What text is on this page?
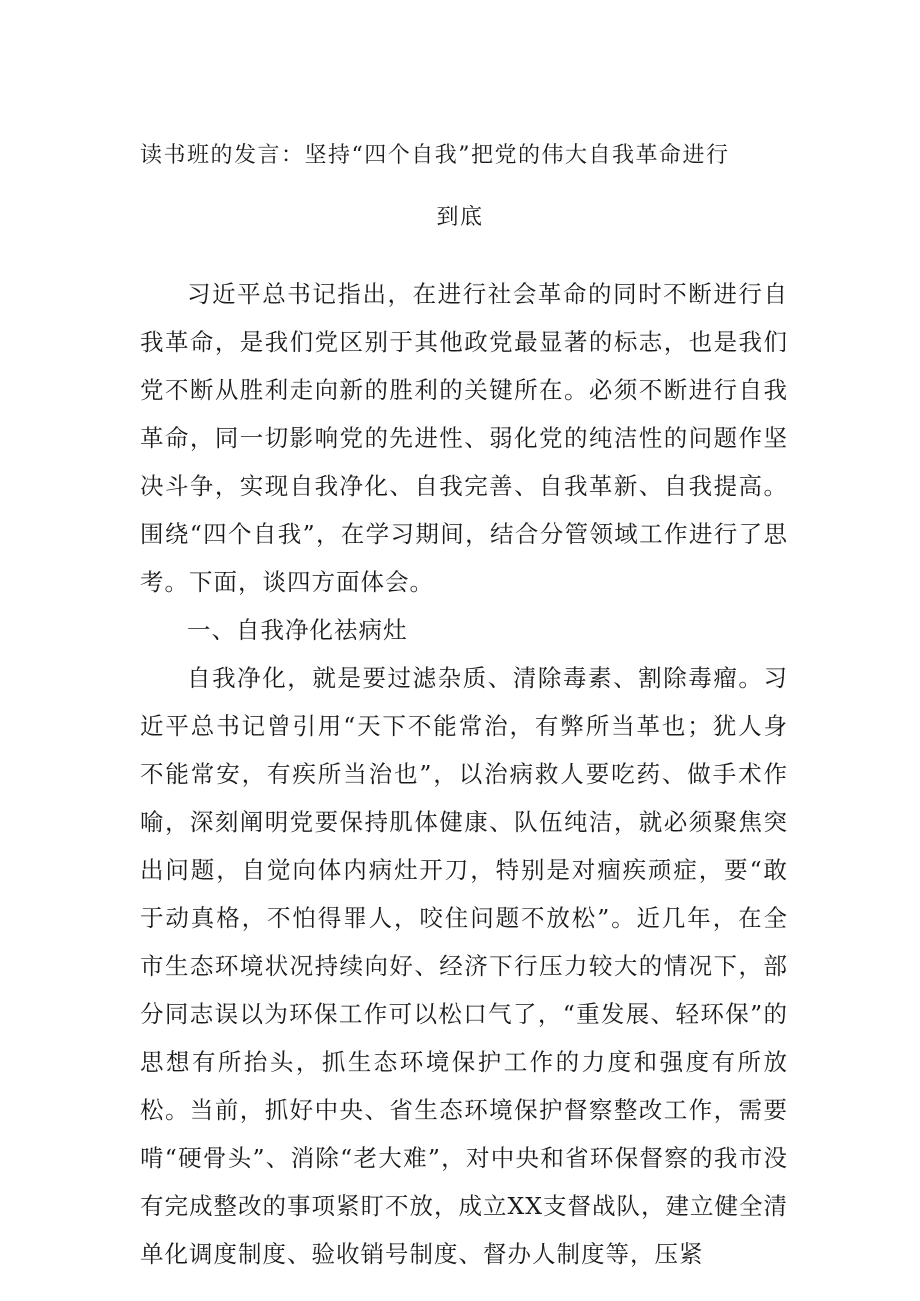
读书班的发言：坚持“四个自我”把党的伟大自我革命进行
到底

习近平总书记指出，在进行社会革命的同时不断进行自我革命，是我们党区别于其他政党最显著的标志，也是我们党不断从胜利走向新的胜利的关键所在。必须不断进行自我革命，同一切影响党的先进性、弱化党的纯洁性的问题作坚决斗争，实现自我净化、自我完善、自我革新、自我提高。围绕“四个自我”，在学习期间，结合分管领域工作进行了思考。下面，谈四方面体会。

一、自我净化祛病灶

自我净化，就是要过滤杂质、清除毒素、割除毒瘤。习近平总书记曾引用“天下不能常治，有弊所当革也；犹人身不能常安，有疾所当治也”，以治病救人要吃药、做手术作喻，深刻阐明党要保持肌体健康、队伍纯洁，就必须聚焦突出问题，自觉向体内病灶开刀，特别是对痼疾顽症，要“敢于动真格，不怕得罪人，咬住问题不放松”。近几年，在全市生态环境状况持续向好、经济下行压力较大的情况下，部分同志误以为环保工作可以松口气了，“重发展、轻环保”的思想有所抬头，抓生态环境保护工作的力度和强度有所放松。当前，抓好中央、省生态环境保护督察整改工作，需要啃“硬骨头”、消除“老大难”，对中央和省环保督察的我市没有完成整改的事项紧盯不放，成立XX支督战队，建立健全清单化调度制度、验收销号制度、督办人制度等，压紧
